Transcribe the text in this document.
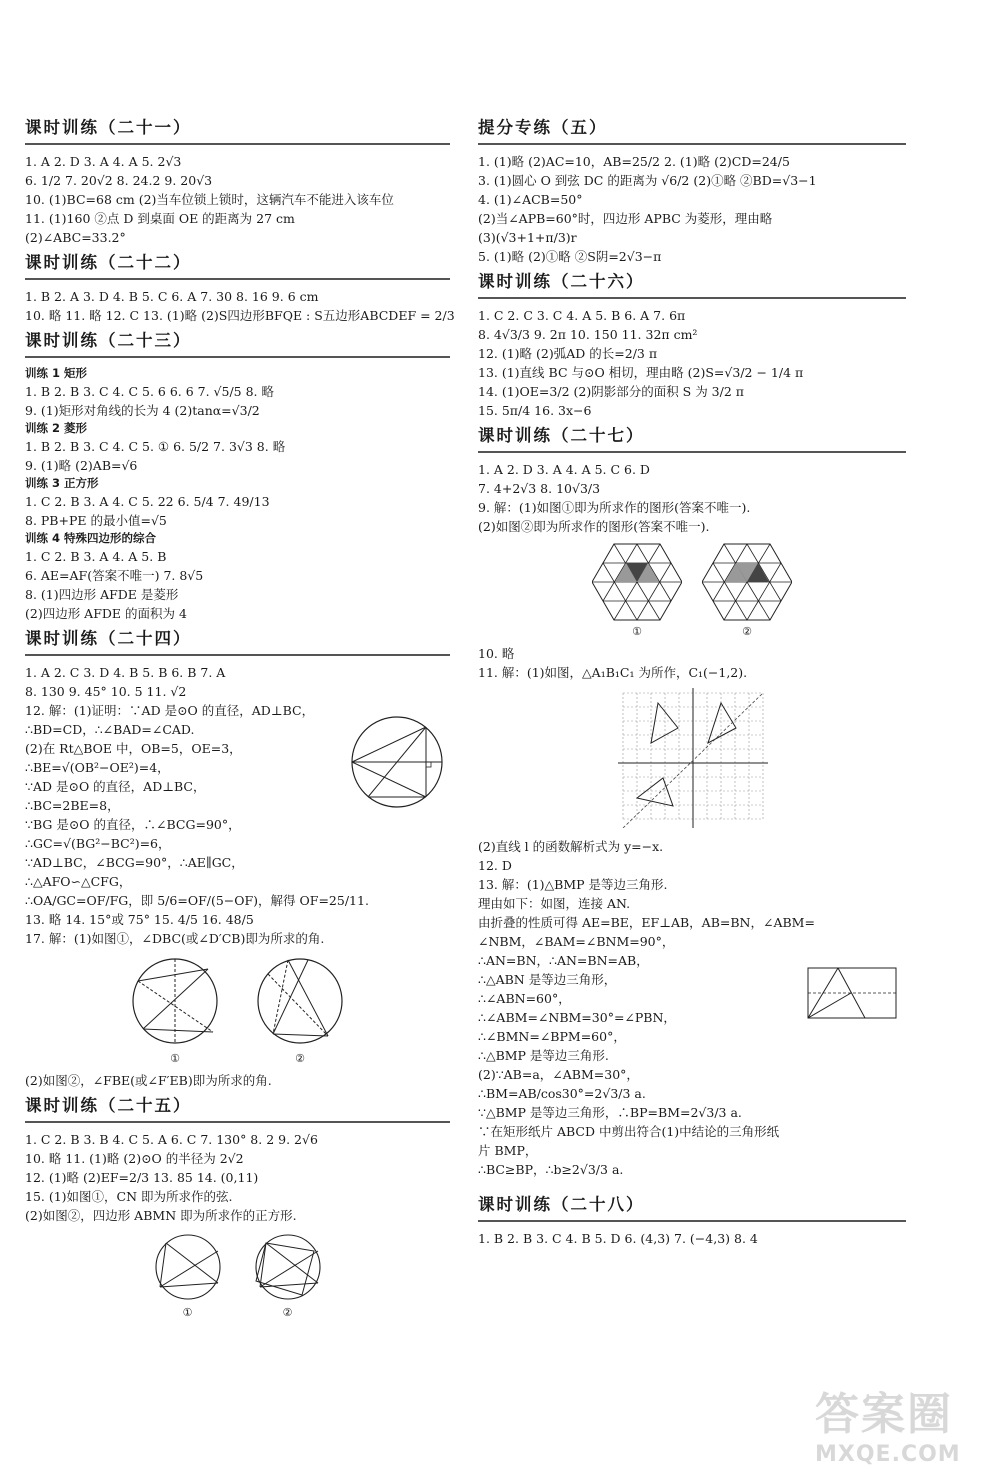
课时训练（二十一）
1. A 2. D 3. A 4. A 5. 2√3
6. 1/2 7. 20√2 8. 24.2 9. 20√3
10. (1)BC=68 cm (2)当车位锁上锁时，这辆汽车不能进入该车位
11. (1)160 ②点 D 到桌面 OE 的距离为 27 cm
(2)∠ABC=33.2°
课时训练（二十二）
1. B 2. A 3. D 4. B 5. C 6. A 7. 30 8. 16 9. 6 cm
10. 略 11. 略 12. C 13. (1)略 (2)S四边形BFQE : S五边形ABCDEF = 2/3
课时训练（二十三）
训练 1 矩形
1. B 2. B 3. C 4. C 5. 6 6. 6 7. √5/5 8. 略
9. (1)矩形对角线的长为 4 (2)tanα=√3/2
训练 2 菱形
1. B 2. B 3. C 4. C 5. ① 6. 5/2 7. 3√3 8. 略
9. (1)略 (2)AB=√6
训练 3 正方形
1. C 2. B 3. A 4. C 5. 22 6. 5/4 7. 49/13
8. PB+PE 的最小值=√5
训练 4 特殊四边形的综合
1. C 2. B 3. A 4. A 5. B
6. AE=AF(答案不唯一) 7. 8√5
8. (1)四边形 AFDE 是菱形
(2)四边形 AFDE 的面积为 4
课时训练（二十四）
1. A 2. C 3. D 4. B 5. B 6. B 7. A
8. 130 9. 45° 10. 5 11. √2
12. 解：(1)证明：∵AD 是⊙O 的直径，AD⊥BC，
∴BD=CD，∴∠BAD=∠CAD.
(2)在 Rt△BOE 中，OB=5，OE=3，
∴BE=√(OB²−OE²)=4，
∵AD 是⊙O 的直径，AD⊥BC，
∴BC=2BE=8，
∵BG 是⊙O 的直径，∴∠BCG=90°，
∴GC=√(BG²−BC²)=6，
∵AD⊥BC，∠BCG=90°，∴AE∥GC，
∴△AFO∽△CFG，
∴OA/GC=OF/FG，即 5/6=OF/(5−OF)，解得 OF=25/11.
13. 略 14. 15°或 75° 15. 4/5 16. 48/5
17. 解：(1)如图①，∠DBC(或∠D′CB)即为所求的角.
①	②
(2)如图②，∠FBE(或∠F′EB)即为所求的角.
课时训练（二十五）
1. C 2. B 3. B 4. C 5. A 6. C 7. 130° 8. 2 9. 2√6
10. 略 11. (1)略 (2)⊙O 的半径为 2√2
12. (1)略 (2)EF=2/3 13. 85 14. (0,11)
15. (1)如图①，CN 即为所求作的弦.
(2)如图②，四边形 ABMN 即为所求作的正方形.
①	②
提分专练（五）
1. (1)略 (2)AC=10，AB=25/2 2. (1)略 (2)CD=24/5
3. (1)圆心 O 到弦 DC 的距离为 √6/2 (2)①略 ②BD=√3−1
4. (1)∠ACB=50°
(2)当∠APB=60°时，四边形 APBC 为菱形，理由略
(3)(√3+1+π/3)r
5. (1)略 (2)①略 ②S阴=2√3−π
课时训练（二十六）
1. C 2. C 3. C 4. A 5. B 6. A 7. 6π
8. 4√3/3 9. 2π 10. 150 11. 32π cm²
12. (1)略 (2)弧AD 的长=2/3 π
13. (1)直线 BC 与⊙O 相切，理由略 (2)S=√3/2 − 1/4 π
14. (1)OE=3/2 (2)阴影部分的面积 S 为 3/2 π
15. 5π/4 16. 3x−6
课时训练（二十七）
1. A 2. D 3. A 4. A 5. C 6. D
7. 4+2√3 8. 10√3/3
9. 解：(1)如图①即为所求作的图形(答案不唯一).
(2)如图②即为所求作的图形(答案不唯一).
①	②
10. 略
11. 解：(1)如图，△A₁B₁C₁ 为所作，C₁(−1,2).
(2)直线 l 的函数解析式为 y=−x.
12. D
13. 解：(1)△BMP 是等边三角形.
理由如下：如图，连接 AN.
由折叠的性质可得 AE=BE，EF⊥AB，AB=BN，∠ABM=
∠NBM，∠BAM=∠BNM=90°，
∴AN=BN，∴AN=BN=AB，
∴△ABN 是等边三角形，
∴∠ABN=60°，
∴∠ABM=∠NBM=30°=∠PBN，
∴∠BMN=∠BPM=60°，
∴△BMP 是等边三角形.
(2)∵AB=a，∠ABM=30°，
∴BM=AB/cos30°=2√3/3 a.
∵△BMP 是等边三角形，∴BP=BM=2√3/3 a.
∵在矩形纸片 ABCD 中剪出符合(1)中结论的三角形纸
片 BMP，
∴BC≥BP，∴b≥2√3/3 a.
课时训练（二十八）
1. B 2. B 3. C 4. B 5. D 6. (4,3) 7. (−4,3) 8. 4
答案圈
MXQE.COM
